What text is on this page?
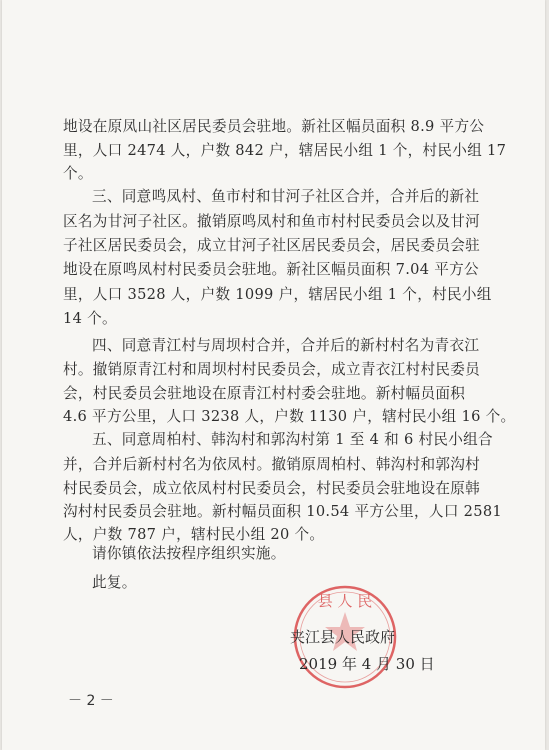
地设在原凤山社区居民委员会驻地。新社区幅员面积 8.9 平方公
里，人口 2474 人，户数 842 户，辖居民小组 1 个，村民小组 17
个。
三、同意鸣凤村、鱼市村和甘河子社区合并，合并后的新社
区名为甘河子社区。撤销原鸣凤村和鱼市村村民委员会以及甘河
子社区居民委员会，成立甘河子社区居民委员会，居民委员会驻
地设在原鸣凤村村民委员会驻地。新社区幅员面积 7.04 平方公
里，人口 3528 人，户数 1099 户，辖居民小组 1 个，村民小组
14 个。
四、同意青江村与周坝村合并，合并后的新村村名为青衣江
村。撤销原青江村和周坝村村民委员会，成立青衣江村村民委员
会，村民委员会驻地设在原青江村村委会驻地。新村幅员面积
4.6 平方公里，人口 3238 人，户数 1130 户，辖村民小组 16 个。
五、同意周柏村、韩沟村和郭沟村第 1 至 4 和 6 村民小组合
并，合并后新村村名为依凤村。撤销原周柏村、韩沟村和郭沟村
村民委员会，成立依凤村村民委员会，村民委员会驻地设在原韩
沟村村民委员会驻地。新村幅员面积 10.54 平方公里，人口 2581
人，户数 787 户，辖村民小组 20 个。
县 人 民
夹江县人民政府
2019 年 4 月 30 日
－ 2 －
请你镇依法按程序组织实施。
此复。
